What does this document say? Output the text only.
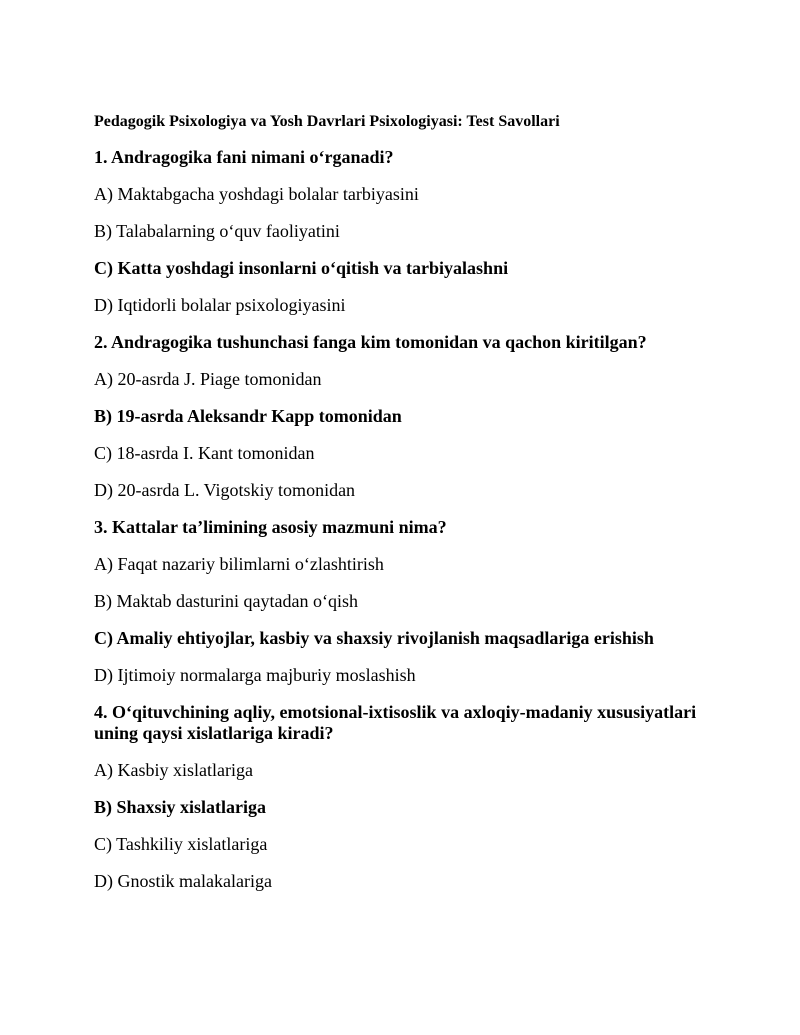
Pedagogik Psixologiya va Yosh Davrlari Psixologiyasi: Test Savollari
1. Andragogika fani nimani o‘rganadi?
A) Maktabgacha yoshdagi bolalar tarbiyasini
B) Talabalarning o‘quv faoliyatini
C) Katta yoshdagi insonlarni o‘qitish va tarbiyalashni
D) Iqtidorli bolalar psixologiyasini
2. Andragogika tushunchasi fanga kim tomonidan va qachon kiritilgan?
A) 20-asrda J. Piage tomonidan
B) 19-asrda Aleksandr Kapp tomonidan
C) 18-asrda I. Kant tomonidan
D) 20-asrda L. Vigotskiy tomonidan
3. Kattalar ta’limining asosiy mazmuni nima?
A) Faqat nazariy bilimlarni o‘zlashtirish
B) Maktab dasturini qaytadan o‘qish
C) Amaliy ehtiyojlar, kasbiy va shaxsiy rivojlanish maqsadlariga erishish
D) Ijtimoiy normalarga majburiy moslashish
4. O‘qituvchining aqliy, emotsional-ixtisoslik va axloqiy-madaniy xususiyatlari uning qaysi xislatlariga kiradi?
A) Kasbiy xislatlariga
B) Shaxsiy xislatlariga
C) Tashkiliy xislatlariga
D) Gnostik malakalariga
